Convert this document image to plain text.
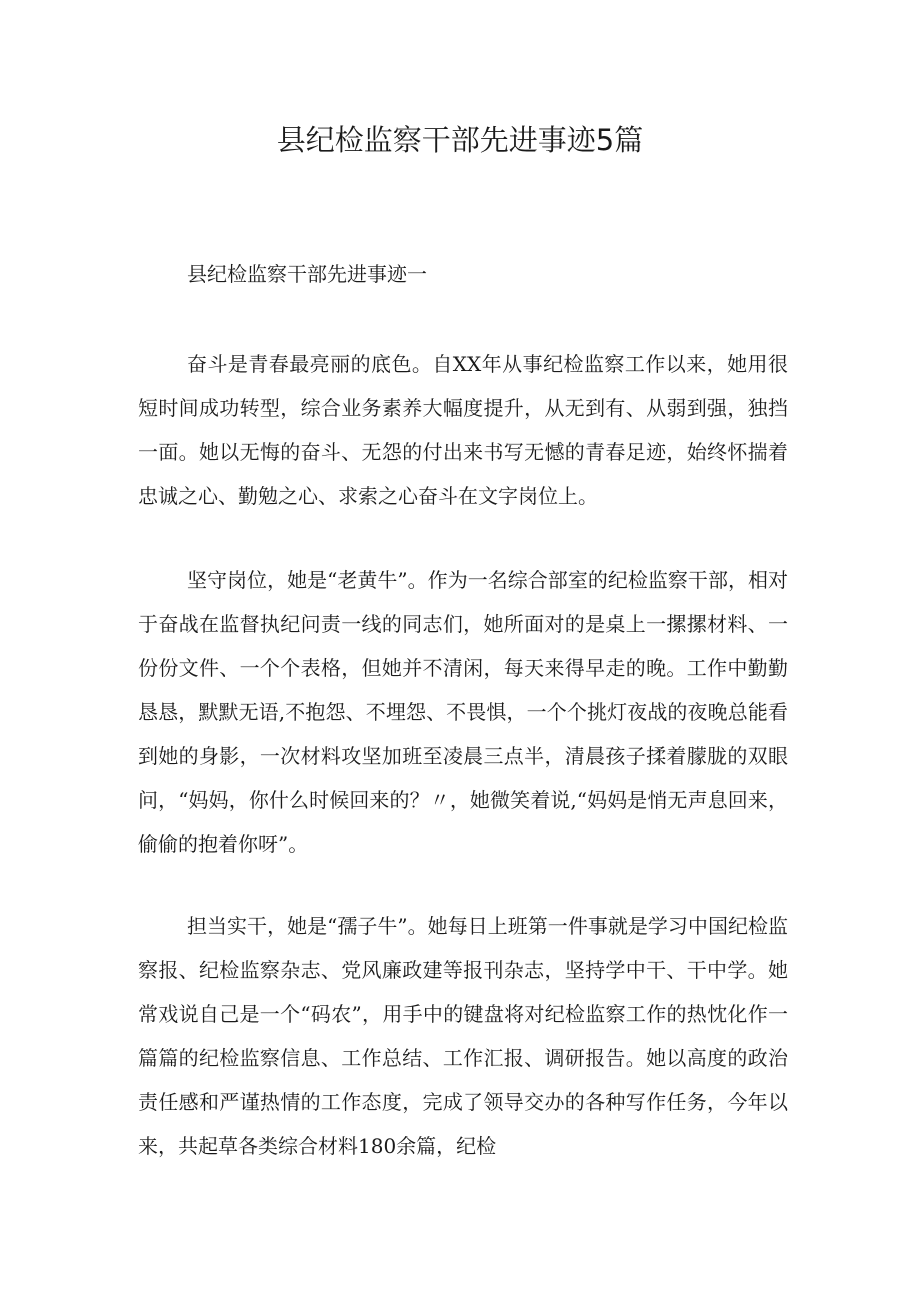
县纪检监察干部先进事迹5篇

县纪检监察干部先进事迹一

奋斗是青春最亮丽的底色。自XX年从事纪检监察工作以来，她用很短时间成功转型，综合业务素养大幅度提升，从无到有、从弱到强，独挡一面。她以无悔的奋斗、无怨的付出来书写无憾的青春足迹，始终怀揣着忠诚之心、勤勉之心、求索之心奋斗在文字岗位上。

坚守岗位，她是“老黄牛”。作为一名综合部室的纪检监察干部，相对于奋战在监督执纪问责一线的同志们，她所面对的是桌上一摞摞材料、一份份文件、一个个表格，但她并不清闲，每天来得早走的晚。工作中勤勤恳恳，默默无语,不抱怨、不埋怨、不畏惧，一个个挑灯夜战的夜晚总能看到她的身影，一次材料攻坚加班至凌晨三点半，清晨孩子揉着朦胧的双眼问，“妈妈，你什么时候回来的？〃，她微笑着说,“妈妈是悄无声息回来，偷偷的抱着你呀”。

担当实干，她是“孺子牛”。她每日上班第一件事就是学习中国纪检监察报、纪检监察杂志、党风廉政建等报刊杂志，坚持学中干、干中学。她常戏说自己是一个“码农”，用手中的键盘将对纪检监察工作的热忱化作一篇篇的纪检监察信息、工作总结、工作汇报、调研报告。她以高度的政治责任感和严谨热情的工作态度，完成了领导交办的各种写作任务，今年以来，共起草各类综合材料180余篇，纪检
